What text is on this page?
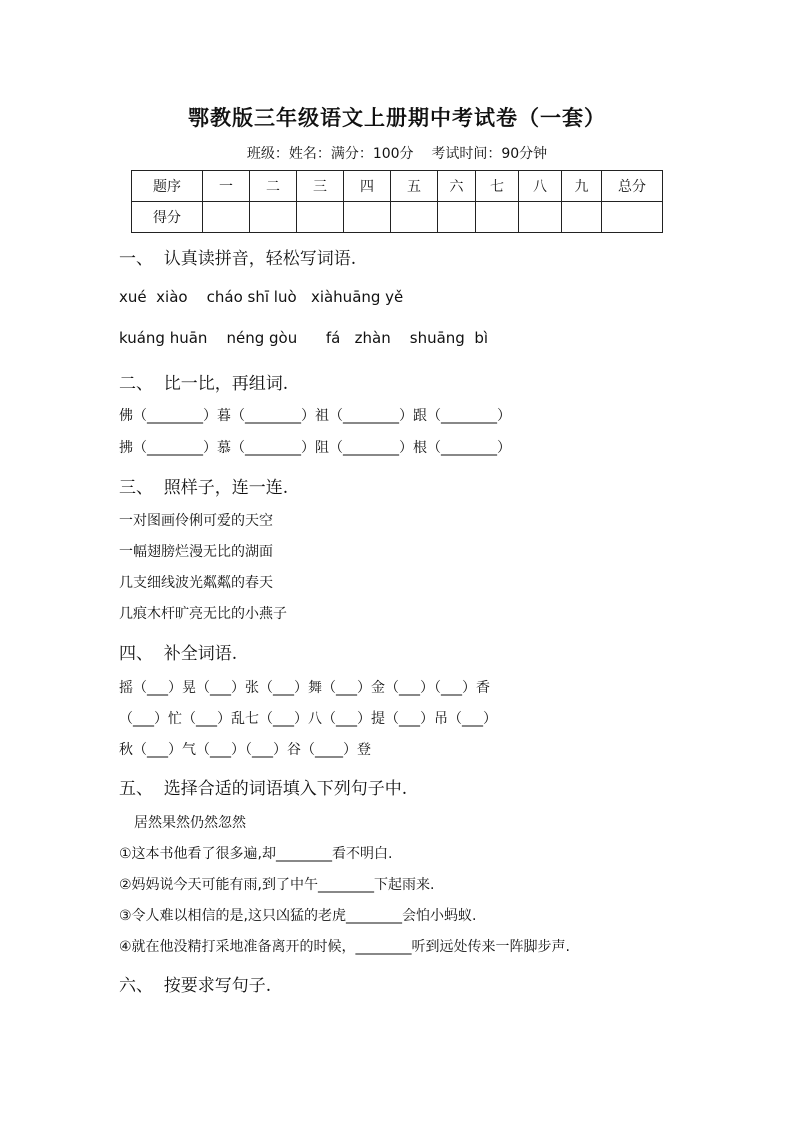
鄂教版三年级语文上册期中考试卷（一套）
班级：姓名：满分：100分    考试时间：90分钟
题序	一	二	三	四	五	六	七	八	九	总分
得分										
一、  认真读拼音，轻松写词语.
xué  xiào    cháo shī luò   xiàhuāng yě
kuáng huān    néng gòu      fá   zhàn    shuāng  bì
二、  比一比，再组词.
佛（________）暮（________）祖（________）跟（________）
拂（________）慕（________）阻（________）根（________）
三、  照样子，连一连.
一对图画伶俐可爱的天空
一幅翅膀烂漫无比的湖面
几支细线波光粼粼的春天
几痕木杆旷亮无比的小燕子
四、  补全词语.
摇（___）晃（___）张（___）舞（___）金（___）（___）香
（___）忙（___）乱七（___）八（___）提（___）吊（___）
秋（___）气（___）（___）谷（____）登
五、  选择合适的词语填入下列句子中.
居然果然仍然忽然
①这本书他看了很多遍,却________看不明白.
②妈妈说今天可能有雨,到了中午________下起雨来.
③令人难以相信的是,这只凶猛的老虎________会怕小蚂蚁.
④就在他没精打采地准备离开的时候，________听到远处传来一阵脚步声.
六、  按要求写句子.
